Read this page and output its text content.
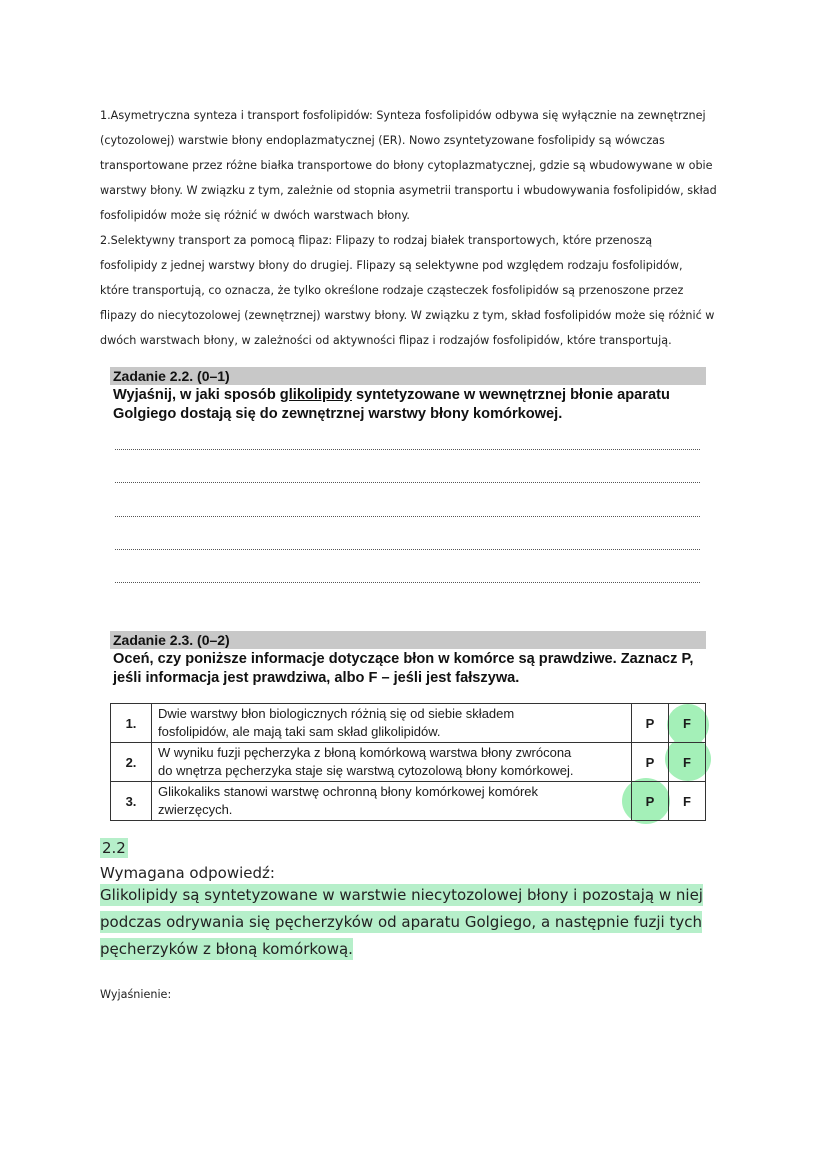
1.Asymetryczna synteza i transport fosfolipidów: Synteza fosfolipidów odbywa się wyłącznie na zewnętrznej
(cytozolowej) warstwie błony endoplazmatycznej (ER). Nowo zsyntetyzowane fosfolipidy są wówczas
transportowane przez różne białka transportowe do błony cytoplazmatycznej, gdzie są wbudowywane w obie
warstwy błony. W związku z tym, zależnie od stopnia asymetrii transportu i wbudowywania fosfolipidów, skład
fosfolipidów może się różnić w dwóch warstwach błony.
2.Selektywny transport za pomocą flipaz: Flipazy to rodzaj białek transportowych, które przenoszą
fosfolipidy z jednej warstwy błony do drugiej. Flipazy są selektywne pod względem rodzaju fosfolipidów,
które transportują, co oznacza, że tylko określone rodzaje cząsteczek fosfolipidów są przenoszone przez
flipazy do niecytozolowej (zewnętrznej) warstwy błony. W związku z tym, skład fosfolipidów może się różnić w
dwóch warstwach błony, w zależności od aktywności flipaz i rodzajów fosfolipidów, które transportują.
Zadanie 2.2. (0–1)
Wyjaśnij, w jaki sposób glikolipidy syntetyzowane w wewnętrznej błonie aparatu
Golgiego dostają się do zewnętrznej warstwy błony komórkowej.
Zadanie 2.3. (0–2)
Oceń, czy poniższe informacje dotyczące błon w komórce są prawdziwe. Zaznacz P,
jeśli informacja jest prawdziwa, albo F – jeśli jest fałszywa.
1.	Dwie warstwy błon biologicznych różnią się od siebie składem
fosfolipidów, ale mają taki sam skład glikolipidów.	P	F
2.	W wyniku fuzji pęcherzyka z błoną komórkową warstwa błony zwrócona
do wnętrza pęcherzyka staje się warstwą cytozolową błony komórkowej.	P	F
3.	Glikokaliks stanowi warstwę ochronną błony komórkowej komórek
zwierzęcych.	P	F
2.2
Wymagana odpowiedź:
Glikolipidy są syntetyzowane w warstwie niecytozolowej błony i pozostają w niej
podczas odrywania się pęcherzyków od aparatu Golgiego, a następnie fuzji tych
pęcherzyków z błoną komórkową.
Wyjaśnienie:
